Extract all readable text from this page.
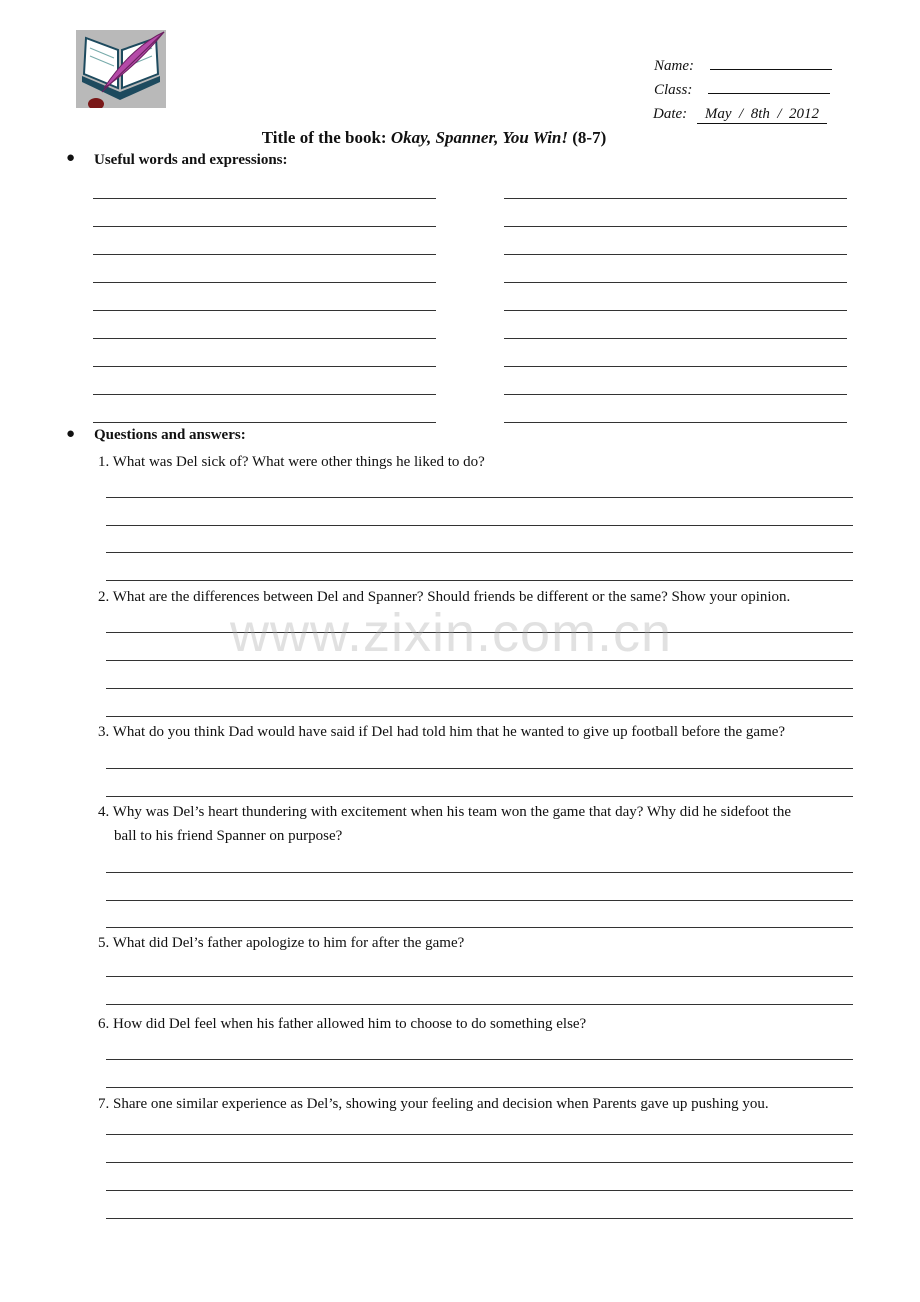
Name:
Class:
Date: May  /  8th  /  2012
Title of the book: Okay, Spanner, You Win! (8-7)
● Useful words and expressions:
● Questions and answers:
1. What was Del sick of? What were other things he liked to do?
2. What are the differences between Del and Spanner? Should friends be different or the same? Show your opinion.
3. What do you think Dad would have said if Del had told him that he wanted to give up football before the game?
4. Why was Del’s heart thundering with excitement when his team won the game that day? Why did he sidefoot the
ball to his friend Spanner on purpose?
5. What did Del’s father apologize to him for after the game?
6. How did Del feel when his father allowed him to choose to do something else?
7. Share one similar experience as Del’s, showing your feeling and decision when Parents gave up pushing you.
www.zixin.com.cn
